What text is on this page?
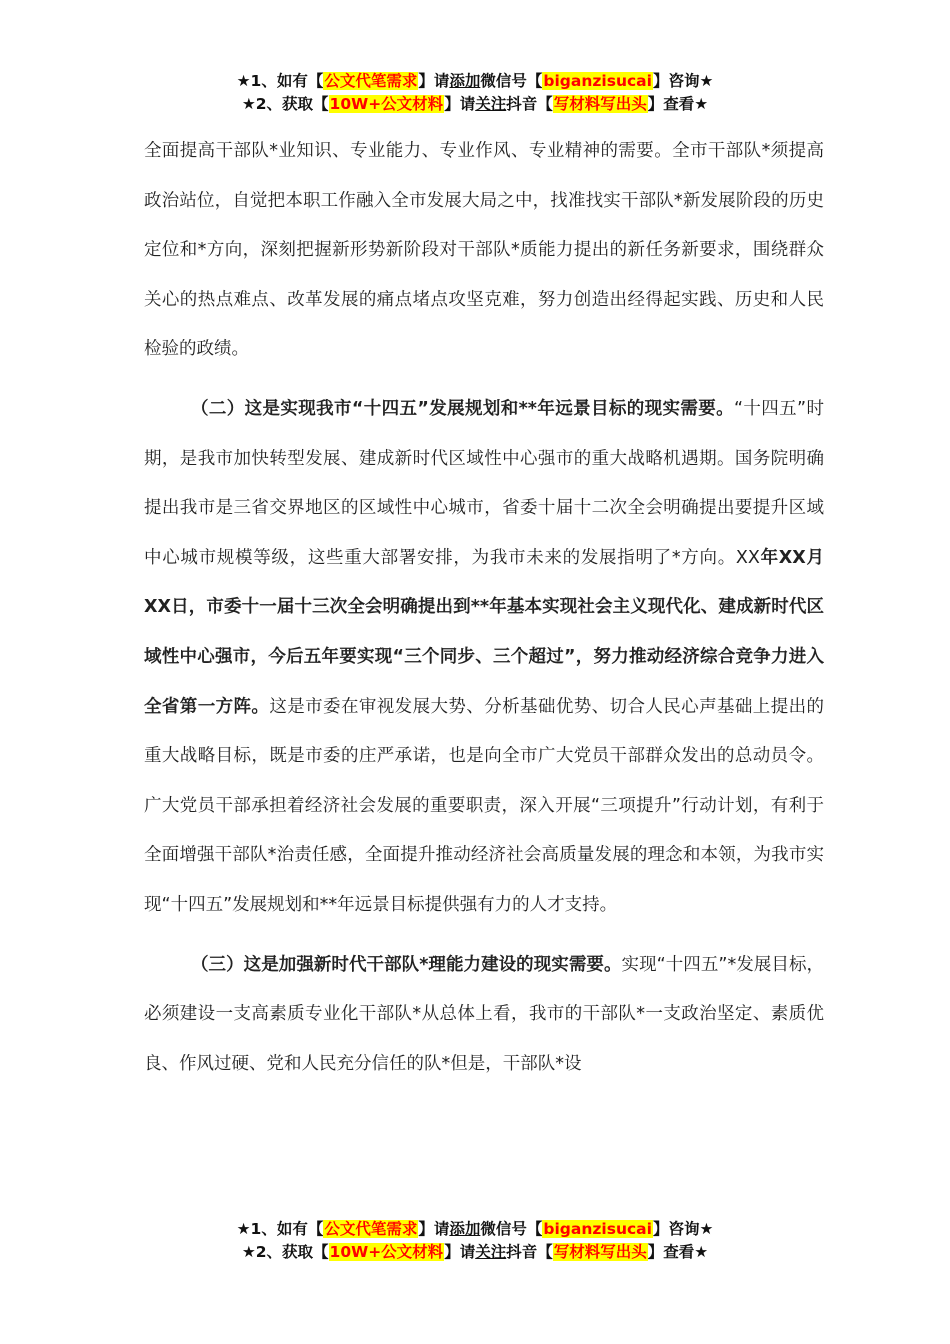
★1、如有【公文代笔需求】请添加微信号【biganzisucai】咨询★
★2、获取【10W+公文材料】请关注抖音【写材料写出头】查看★

全面提高干部队*业知识、专业能力、专业作风、专业精神的需要。全市干部队*须提高政治站位，自觉把本职工作融入全市发展大局之中，找准找实干部队*新发展阶段的历史定位和*方向，深刻把握新形势新阶段对干部队*质能力提出的新任务新要求，围绕群众关心的热点难点、改革发展的痛点堵点攻坚克难，努力创造出经得起实践、历史和人民检验的政绩。

（二）这是实现我市“十四五”发展规划和**年远景目标的现实需要。“十四五”时期，是我市加快转型发展、建成新时代区域性中心强市的重大战略机遇期。国务院明确提出我市是三省交界地区的区域性中心城市，省委十届十二次全会明确提出要提升区域中心城市规模等级，这些重大部署安排，为我市未来的发展指明了*方向。XX年XX月XX日，市委十一届十三次全会明确提出到**年基本实现社会主义现代化、建成新时代区域性中心强市，今后五年要实现“三个同步、三个超过”，努力推动经济综合竞争力进入全省第一方阵。这是市委在审视发展大势、分析基础优势、切合人民心声基础上提出的重大战略目标，既是市委的庄严承诺，也是向全市广大党员干部群众发出的总动员令。广大党员干部承担着经济社会发展的重要职责，深入开展“三项提升”行动计划，有利于全面增强干部队*治责任感，全面提升推动经济社会高质量发展的理念和本领，为我市实现“十四五”发展规划和**年远景目标提供强有力的人才支持。

（三）这是加强新时代干部队*理能力建设的现实需要。实现“十四五”*发展目标，必须建设一支高素质专业化干部队*从总体上看，我市的干部队*一支政治坚定、素质优良、作风过硬、党和人民充分信任的队*但是，干部队*设

★1、如有【公文代笔需求】请添加微信号【biganzisucai】咨询★
★2、获取【10W+公文材料】请关注抖音【写材料写出头】查看★
